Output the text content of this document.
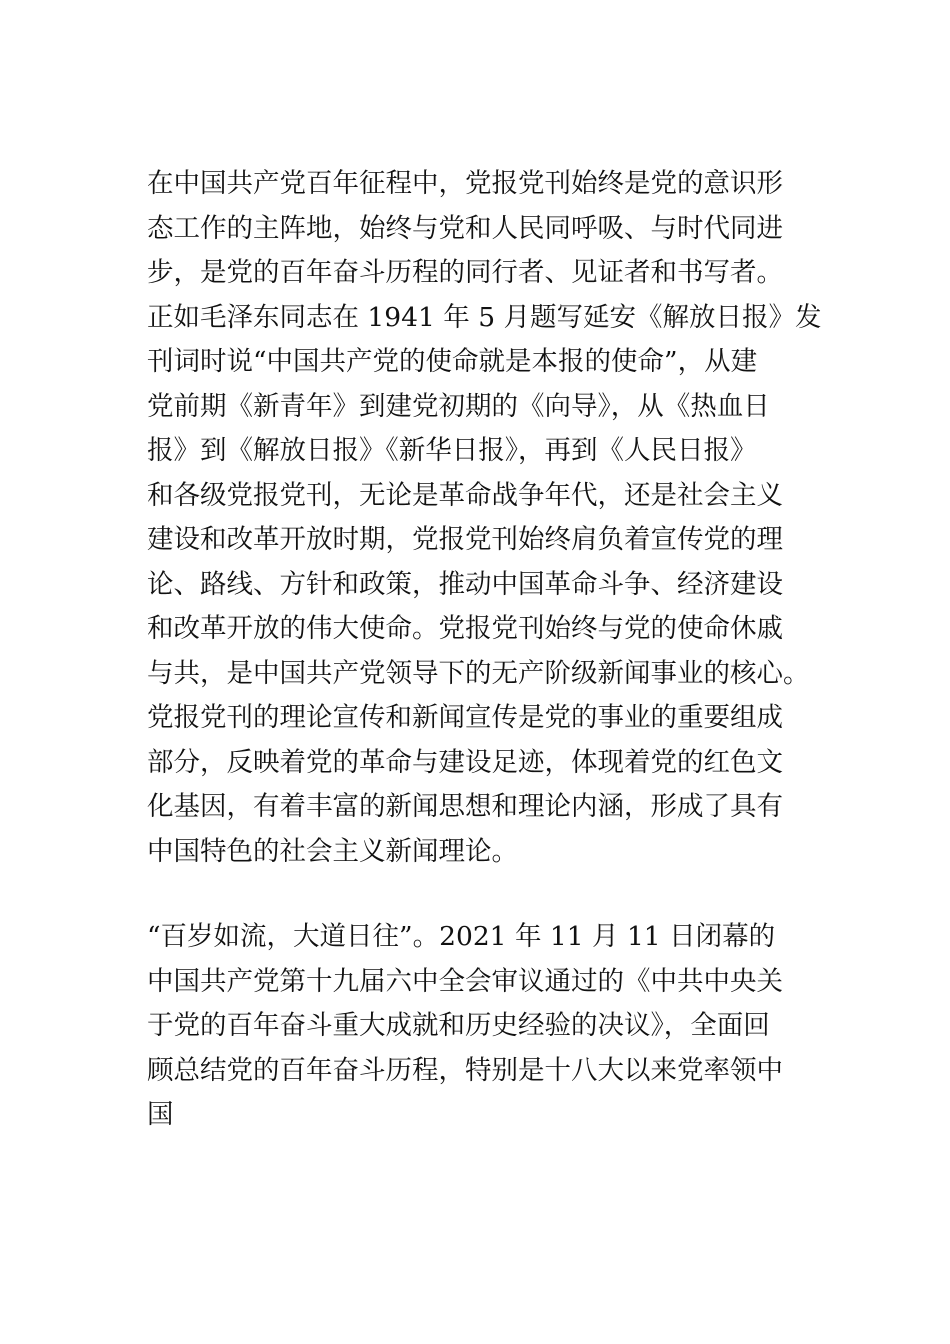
在中国共产党百年征程中，党报党刊始终是党的意识形
态工作的主阵地，始终与党和人民同呼吸、与时代同进
步，是党的百年奋斗历程的同行者、见证者和书写者。
正如毛泽东同志在 1941 年 5 月题写延安《解放日报》发
刊词时说“中国共产党的使命就是本报的使命”，从建
党前期《新青年》到建党初期的《向导》，从《热血日
报》到《解放日报》《新华日报》，再到《人民日报》
和各级党报党刊，无论是革命战争年代，还是社会主义
建设和改革开放时期，党报党刊始终肩负着宣传党的理
论、路线、方针和政策，推动中国革命斗争、经济建设
和改革开放的伟大使命。党报党刊始终与党的使命休戚
与共，是中国共产党领导下的无产阶级新闻事业的核心。
党报党刊的理论宣传和新闻宣传是党的事业的重要组成
部分，反映着党的革命与建设足迹，体现着党的红色文
化基因，有着丰富的新闻思想和理论内涵，形成了具有
中国特色的社会主义新闻理论。

“百岁如流，大道日往”。2021 年 11 月 11 日闭幕的
中国共产党第十九届六中全会审议通过的《中共中央关
于党的百年奋斗重大成就和历史经验的决议》，全面回
顾总结党的百年奋斗历程，特别是十八大以来党率领中
国
